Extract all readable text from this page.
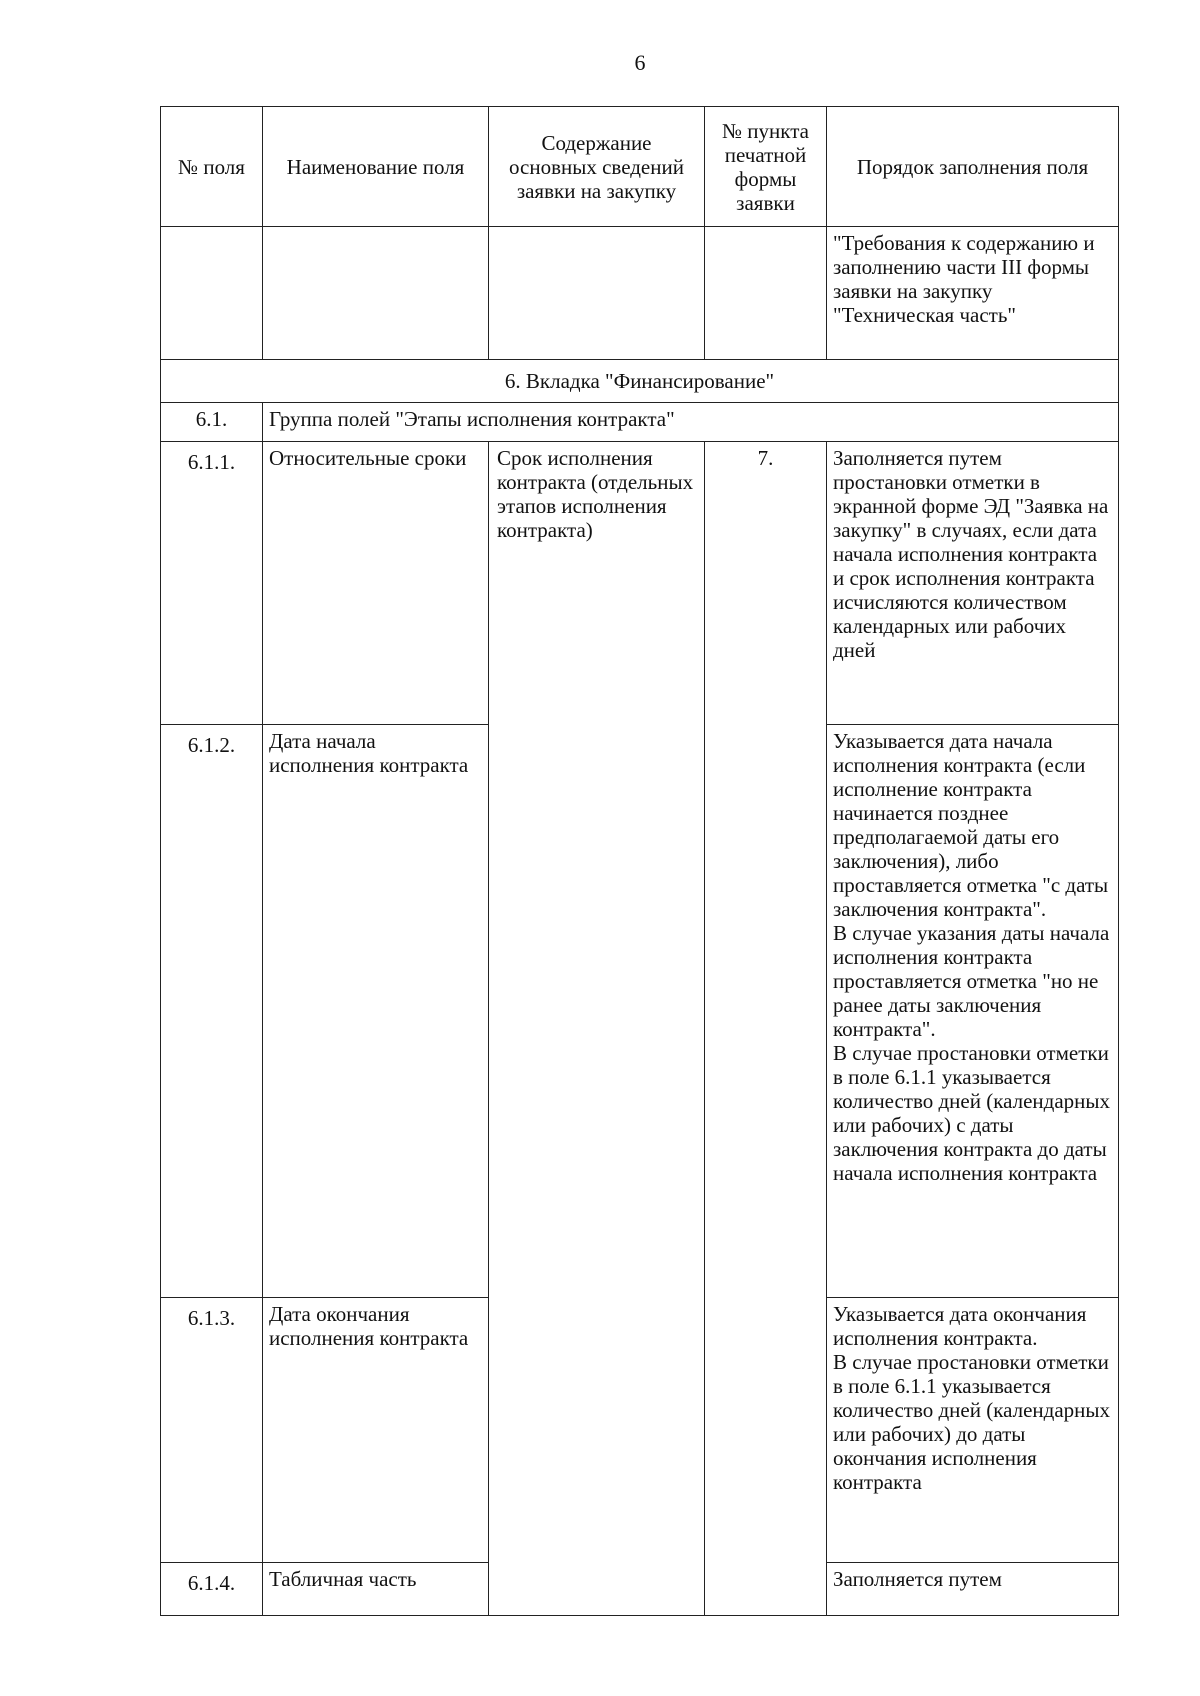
6
№ поля	Наименование поля	Содержание основных сведений заявки на закупку	№ пункта печатной формы заявки	Порядок заполнения поля
				"Требования к содержанию и заполнению части III формы заявки на закупку "Техническая часть"
6. Вкладка "Финансирование"				
6.1.	Группа полей "Этапы исполнения контракта"			
6.1.1.	Относительные сроки	Срок исполнения контракта (отдельных этапов исполнения контракта)	7.	Заполняется путем простановки отметки в экранной форме ЭД "Заявка на закупку" в случаях, если дата начала исполнения контракта и срок исполнения контракта исчисляются количеством календарных или рабочих дней
6.1.2.	Дата начала исполнения контракта			Указывается дата начала исполнения контракта (если исполнение контракта начинается позднее предполагаемой даты его заключения), либо проставляется отметка "с даты заключения контракта".
В случае указания даты начала исполнения контракта проставляется отметка "но не ранее даты заключения контракта".
В случае простановки отметки в поле 6.1.1 указывается количество дней (календарных или рабочих) с даты заключения контракта до даты начала исполнения контракта

6.1.3.	Дата окончания исполнения контракта			Указывается дата окончания исполнения контракта.
В случае простановки отметки в поле 6.1.1 указывается количество дней (календарных или рабочих) до даты окончания исполнения контракта

6.1.4.	Табличная часть			Заполняется путем
